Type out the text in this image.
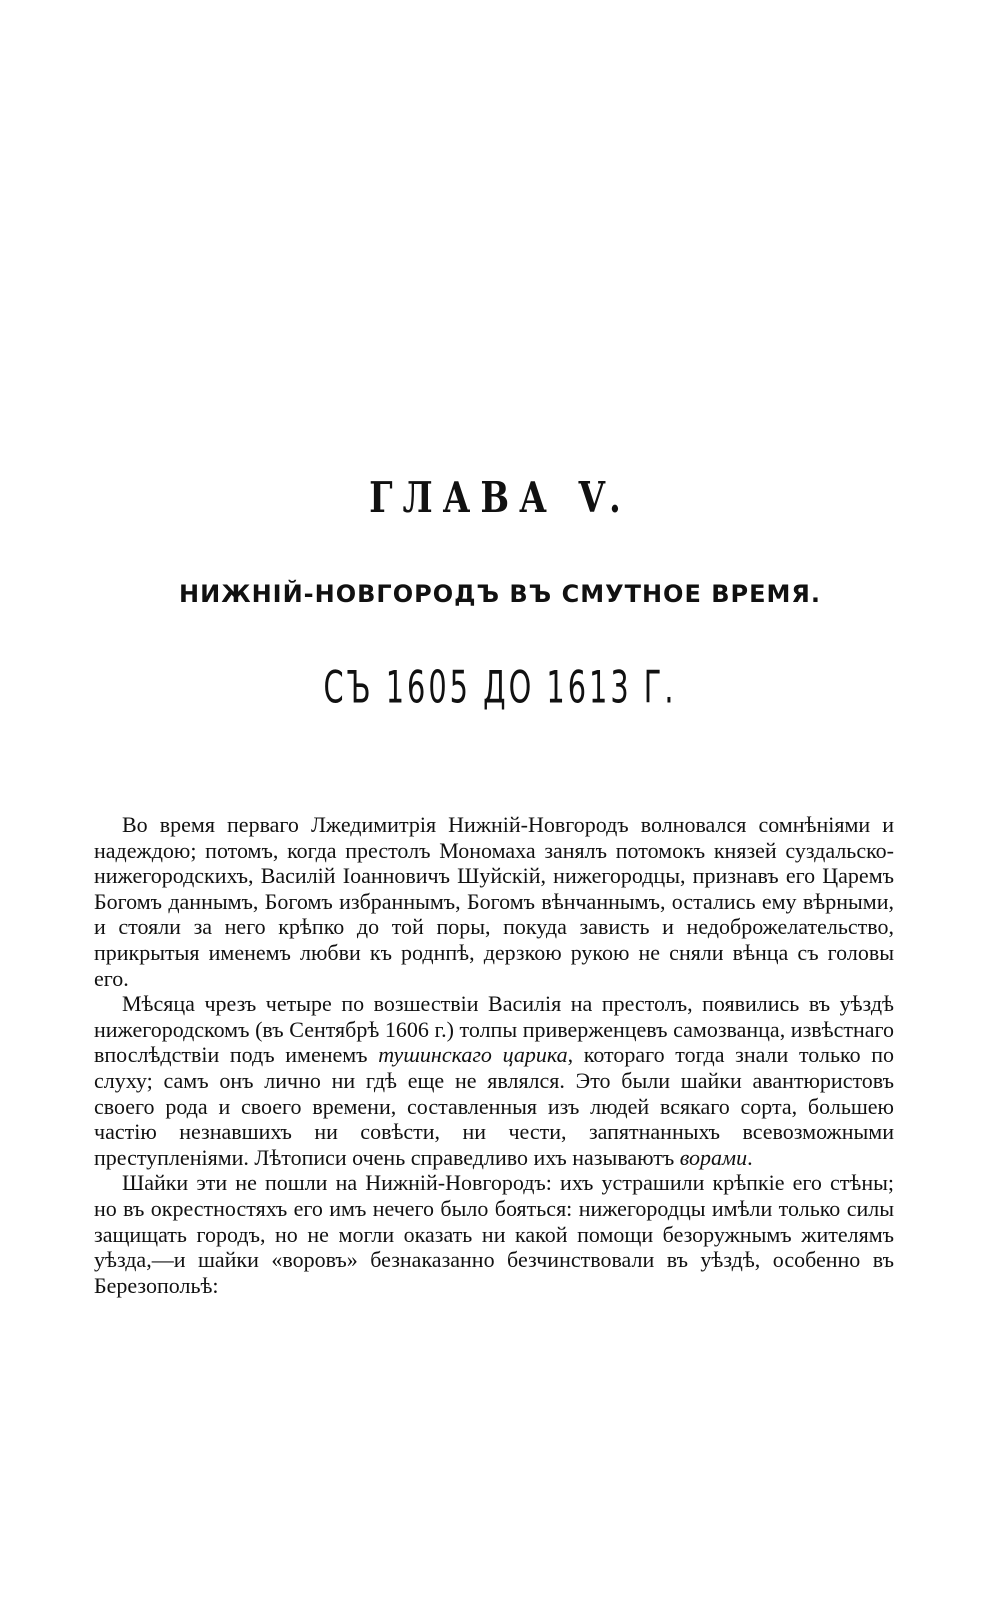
ГЛАВА V.
НИЖНІЙ-НОВГОРОДЪ ВЪ СМУТНОЕ ВРЕМЯ.
СЪ 1605 ДО 1613 Г.

Во время перваго Лжедимитрія Нижній-Новгородъ волновался сомнѣніями и надеждою; потомъ, когда престолъ Мономаха занялъ потомокъ князей суздальско-нижегородскихъ, Василій Іоанновичъ Шуйскій, нижегородцы, признавъ его Царемъ Богомъ даннымъ, Богомъ избраннымъ, Богомъ вѣнчаннымъ, остались ему вѣрными, и стояли за него крѣпко до той поры, покуда зависть и недоброжелательство, прикрытыя именемъ любви къ роднпѣ, дерзкою рукою не сняли вѣнца съ головы его.

Мѣсяца чрезъ четыре по возшествіи Василія на престолъ, появились въ уѣздѣ нижегородскомъ (въ Сентябрѣ 1606 г.) толпы приверженцевъ самозванца, извѣстнаго впослѣдствіи подъ именемъ тушинскаго царика, котораго тогда знали только по слуху; самъ онъ лично ни гдѣ еще не являлся. Это были шайки авантюристовъ своего рода и своего времени, составленныя изъ людей всякаго сорта, большею частію незнавшихъ ни совѣсти, ни чести, запятнанныхъ всевозможными преступленіями. Лѣтописи очень справедливо ихъ называютъ ворами.

Шайки эти не пошли на Нижній-Новгородъ: ихъ устрашили крѣпкіе его стѣны; но въ окрестностяхъ его имъ нечего было бояться: нижегородцы имѣли только силы защищать городъ, но не могли оказать ни какой помощи безоружнымъ жителямъ уѣзда,—и шайки «воровъ» безнаказанно безчинствовали въ уѣздѣ, особенно въ Березопольѣ:
